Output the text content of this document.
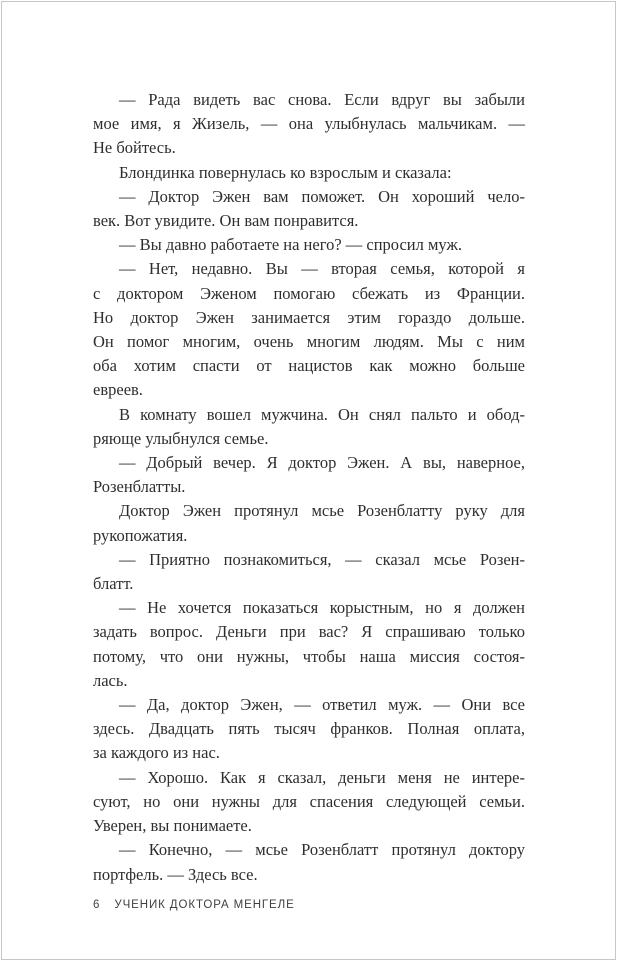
— Рада видеть вас снова. Если вдруг вы забыли
мое имя, я Жизель, — она улыбнулась мальчикам. —
Не бойтесь.
Блондинка повернулась ко взрослым и сказала:
— Доктор Эжен вам поможет. Он хороший чело-
век. Вот увидите. Он вам понравится.
— Вы давно работаете на него? — спросил муж.
— Нет, недавно. Вы — вторая семья, которой я
с доктором Эженом помогаю сбежать из Франции.
Но доктор Эжен занимается этим гораздо дольше.
Он помог многим, очень многим людям. Мы с ним
оба хотим спасти от нацистов как можно больше
евреев.
В комнату вошел мужчина. Он снял пальто и обод-
ряюще улыбнулся семье.
— Добрый вечер. Я доктор Эжен. А вы, наверное,
Розенблатты.
Доктор Эжен протянул мсье Розенблатту руку для
рукопожатия.
— Приятно познакомиться, — сказал мсье Розен-
блатт.
— Не хочется показаться корыстным, но я должен
задать вопрос. Деньги при вас? Я спрашиваю только
потому, что они нужны, чтобы наша миссия состоя-
лась.
— Да, доктор Эжен, — ответил муж. — Они все
здесь. Двадцать пять тысяч франков. Полная оплата,
за каждого из нас.
— Хорошо. Как я сказал, деньги меня не интере-
суют, но они нужны для спасения следующей семьи.
Уверен, вы понимаете.
— Конечно, — мсье Розенблатт протянул доктору
портфель. — Здесь все.
6 УЧЕНИК ДОКТОРА МЕНГЕЛЕ
